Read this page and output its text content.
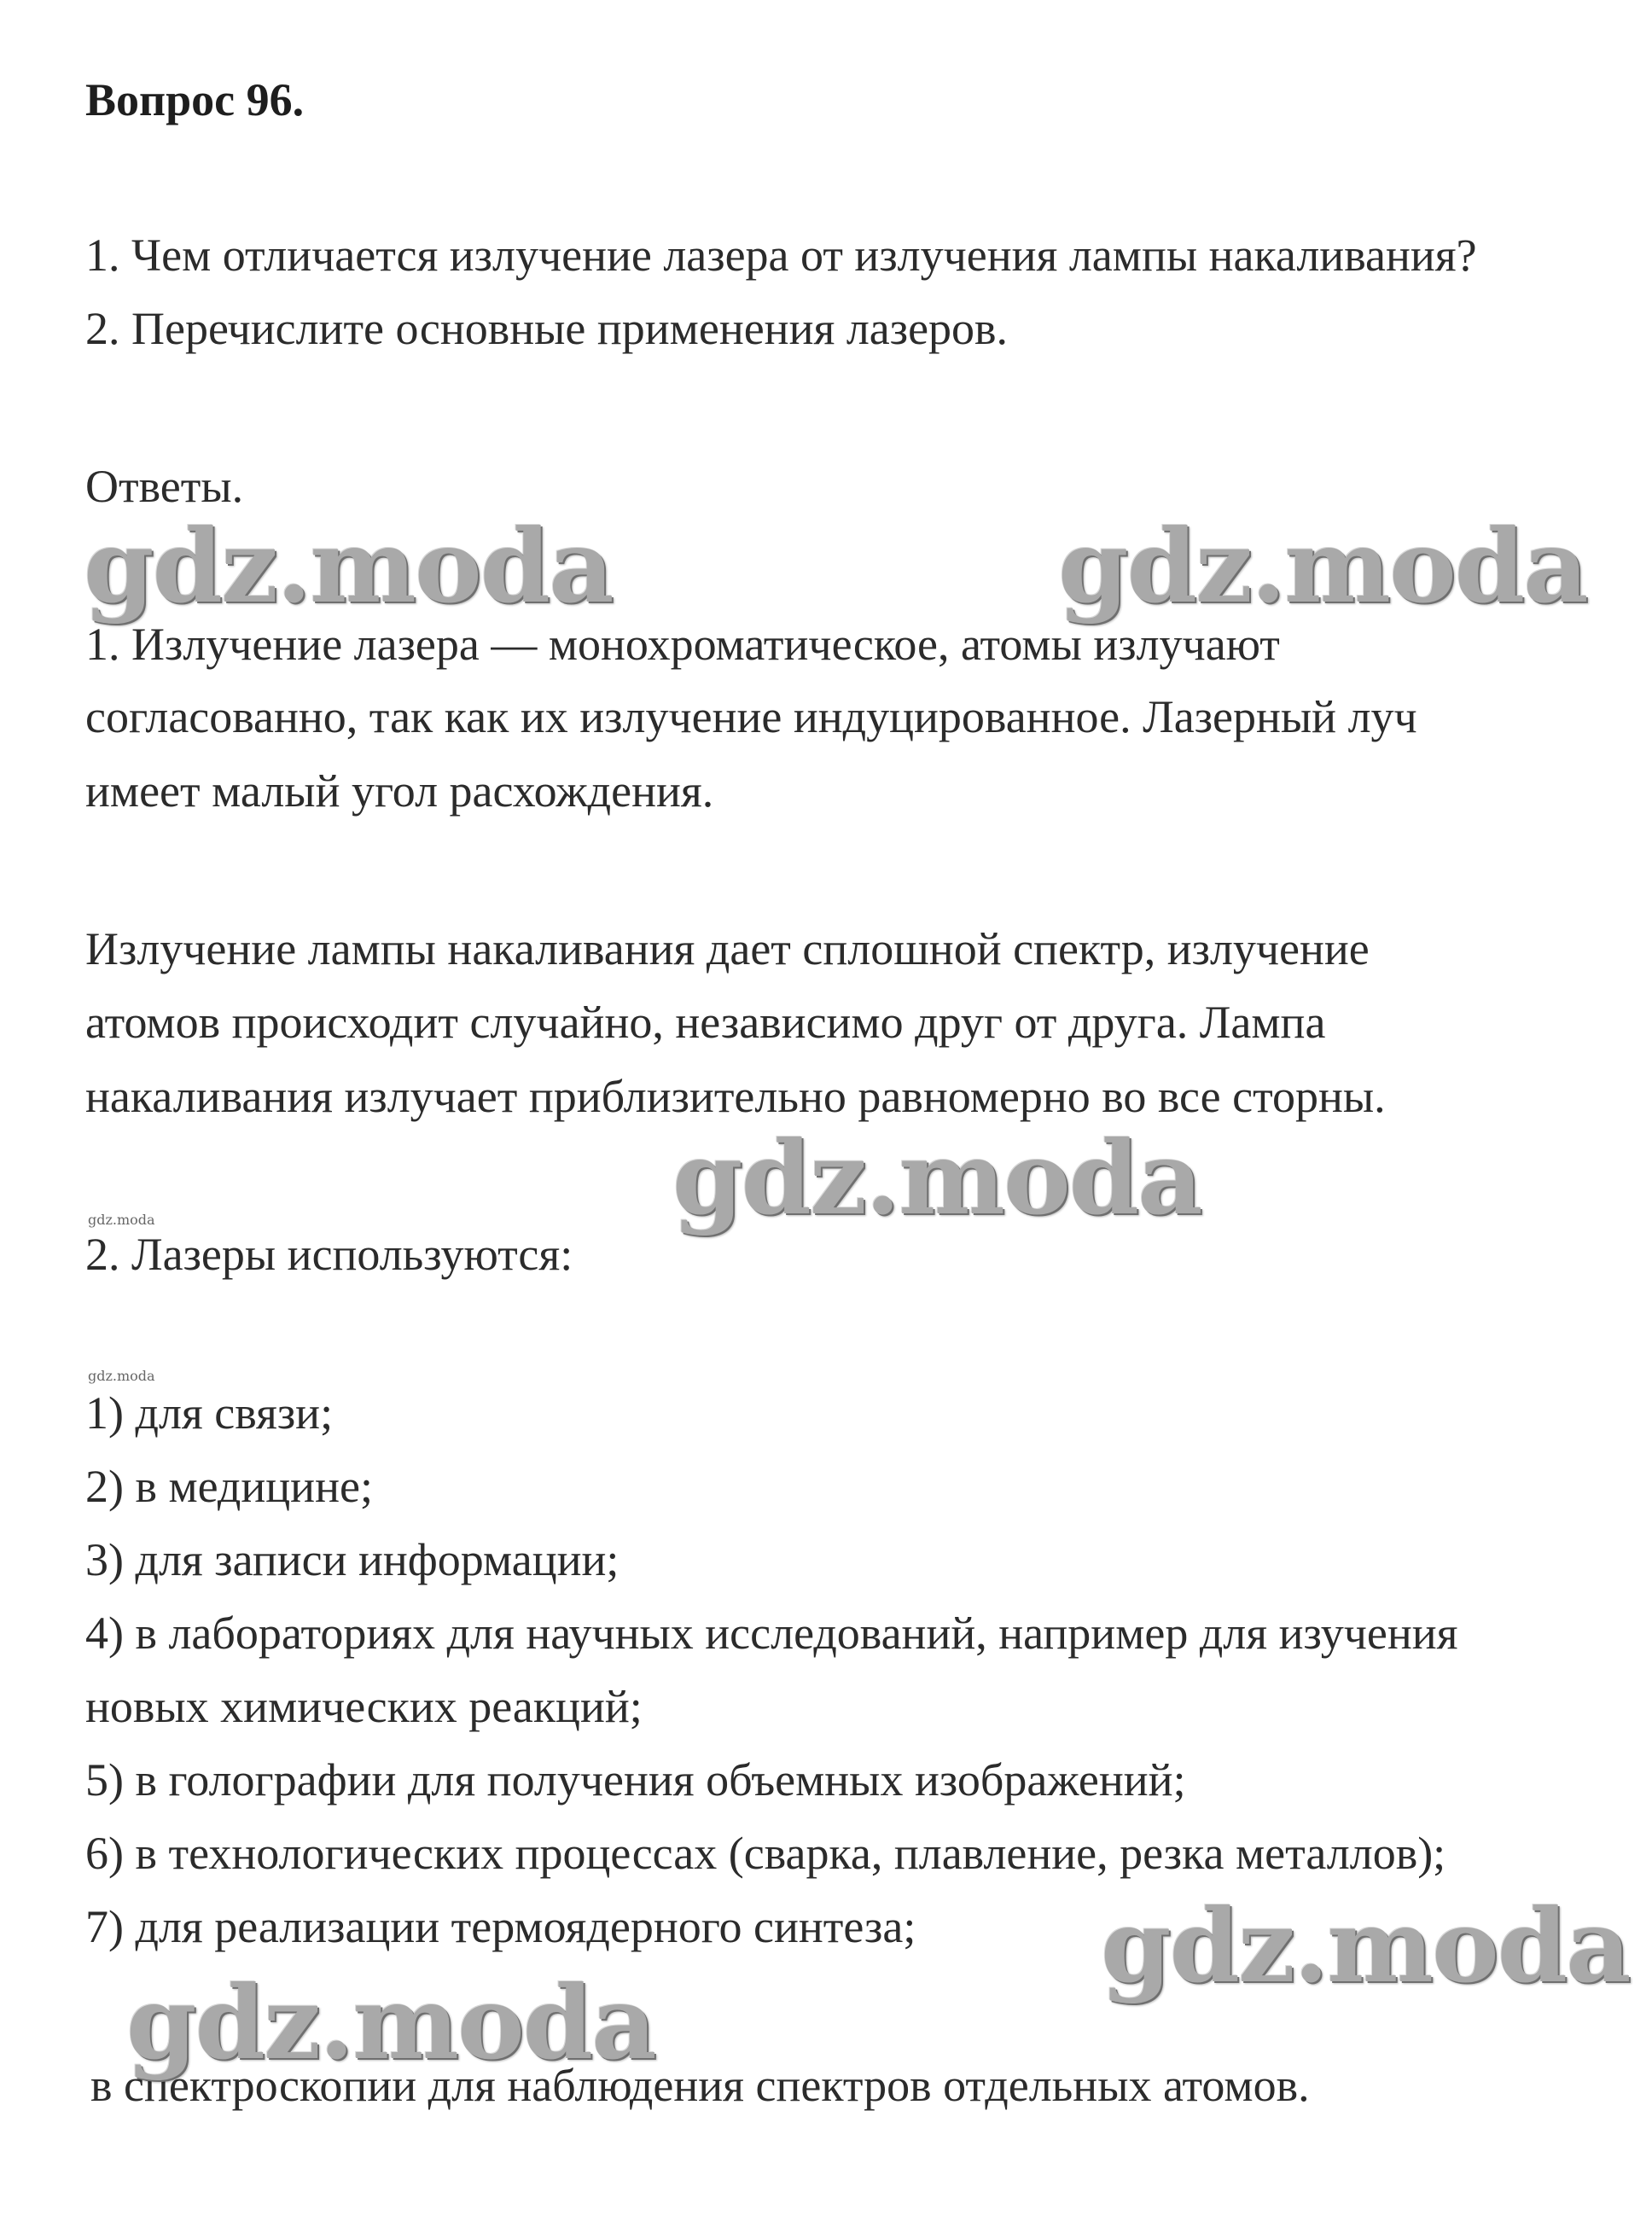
Вопрос 96.
1. Чем отличается излучение лазера от излучения лампы накаливания?
2. Перечислите основные применения лазеров.
Ответы.
1. Излучение лазера — монохроматическое, атомы излучают
согласованно, так как их излучение индуцированное. Лазерный луч
имеет малый угол расхождения.
Излучение лампы накаливания дает сплошной спектр, излучение
атомов происходит случайно, независимо друг от друга. Лампа
накаливания излучает приблизительно равномерно во все сторны.
2. Лазеры используются:
1) для связи;
2) в медицине;
3) для записи информации;
4) в лабораториях для научных исследований, например для изучения
новых химических реакций;
5) в голографии для получения объемных изображений;
6) в технологических процессах (сварка, плавление, резка металлов);
7) для реализации термоядерного синтеза;
в спектроскопии для наблюдения спектров отдельных атомов.
gdz.moda	gdz.moda
gdz.moda
gdz.moda
gdz.moda
gdz.moda
gdz.moda
